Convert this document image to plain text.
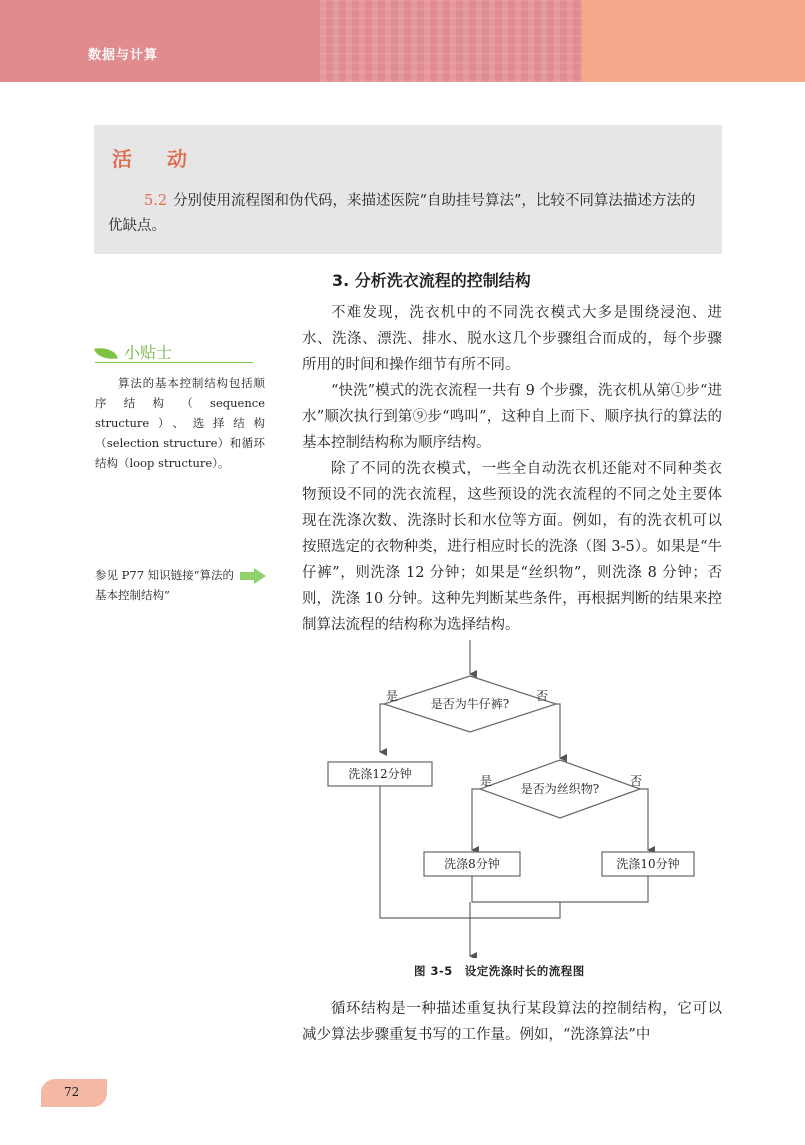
数据与计算
活 动
5.2 分别使用流程图和伪代码，来描述医院“自助挂号算法”，比较不同算法描述方法的优缺点。
3. 分析洗衣流程的控制结构

不难发现，洗衣机中的不同洗衣模式大多是围绕浸泡、进水、洗涤、漂洗、排水、脱水这几个步骤组合而成的，每个步骤所用的时间和操作细节有所不同。

“快洗”模式的洗衣流程一共有 9 个步骤，洗衣机从第①步“进水”顺次执行到第⑨步“鸣叫”，这种自上而下、顺序执行的算法的基本控制结构称为顺序结构。

除了不同的洗衣模式，一些全自动洗衣机还能对不同种类衣物预设不同的洗衣流程，这些预设的洗衣流程的不同之处主要体现在洗涤次数、洗涤时长和水位等方面。例如，有的洗衣机可以按照选定的衣物种类，进行相应时长的洗涤（图 3-5）。如果是“牛仔裤”，则洗涤 12 分钟；如果是“丝织物”，则洗涤 8 分钟；否则，洗涤 10 分钟。这种先判断某些条件，再根据判断的结果来控制算法流程的结构称为选择结构。

循环结构是一种描述重复执行某段算法的控制结构，它可以减少算法步骤重复书写的工作量。例如，“洗涤算法”中

小贴士
算法的基本控制结构包括顺序结构（sequence structure）、选择结构（selection structure）和循环结构（loop structure）。
参见 P77 知识链接“算法的基本控制结构”
是否为牛仔裤?
是	否
洗涤12分钟
是否为丝织物?
是	否
洗涤8分钟	洗涤10分钟
图 3-5　设定洗涤时长的流程图
72
